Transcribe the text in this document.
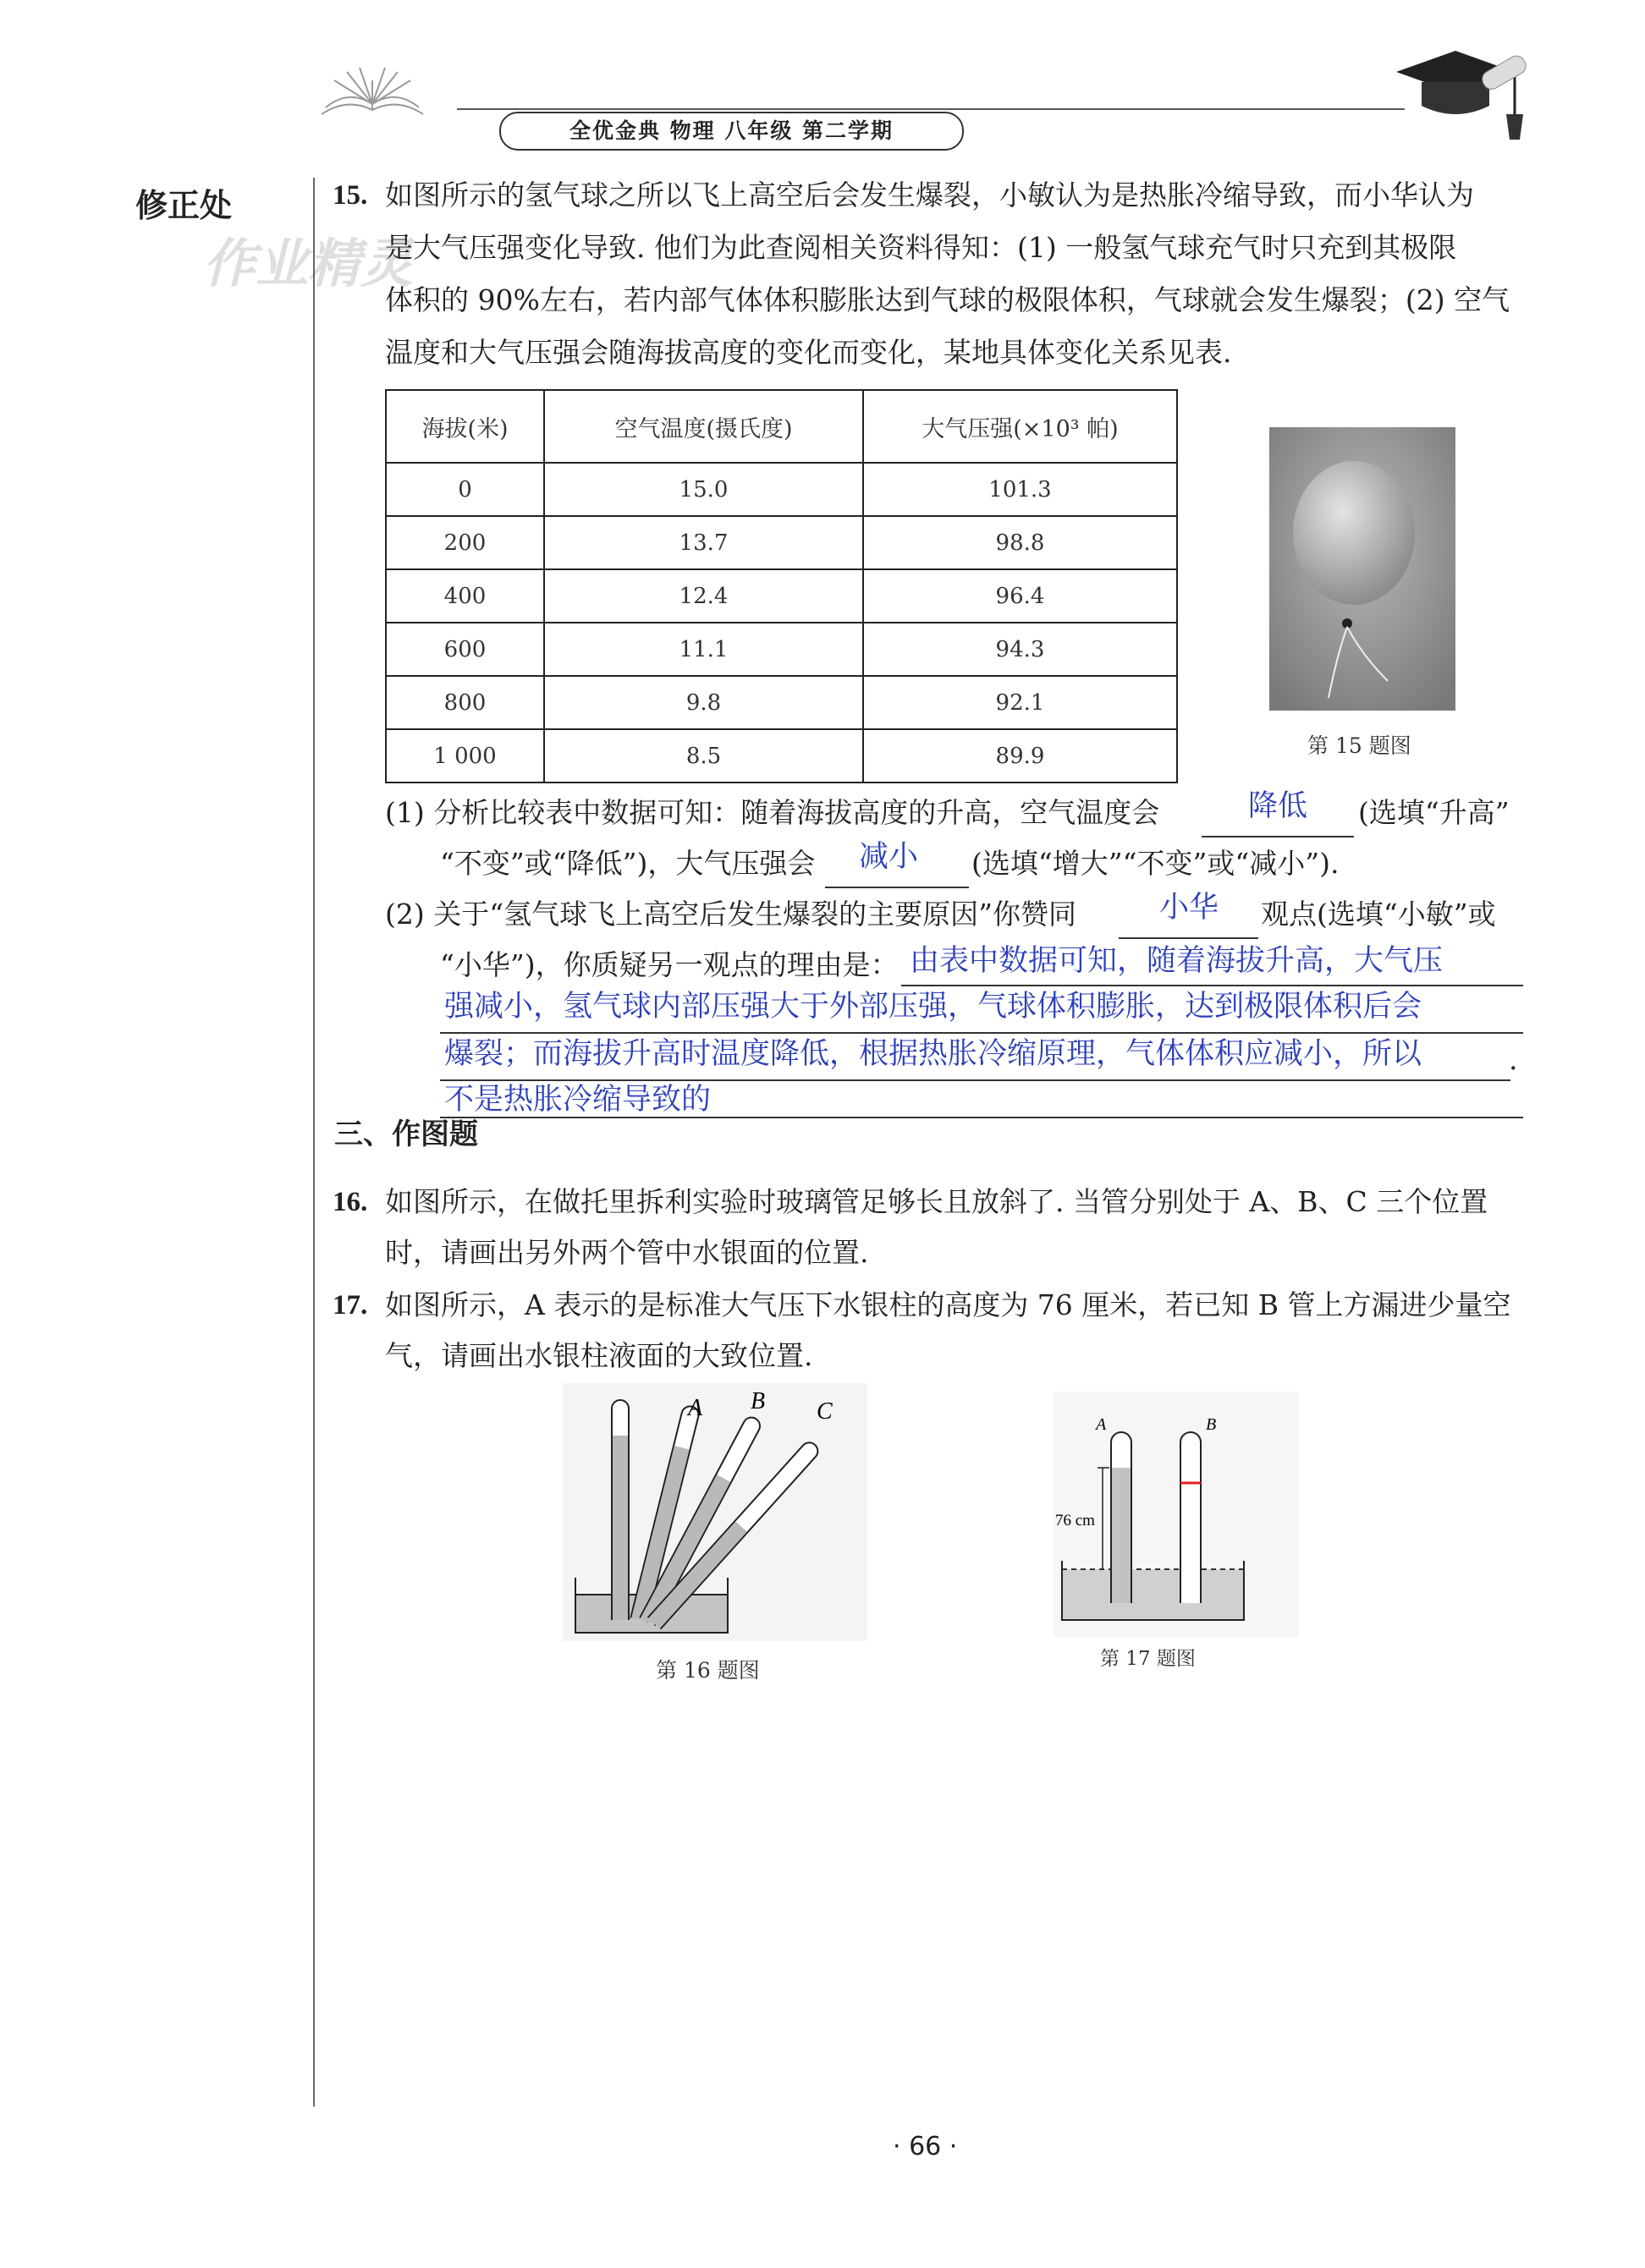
全优金典 物理 八年级 第二学期
修正处
作业精灵
15. 如图所示的氢气球之所以飞上高空后会发生爆裂，小敏认为是热胀冷缩导致，而小华认为
是大气压强变化导致. 他们为此查阅相关资料得知：(1) 一般氢气球充气时只充到其极限
体积的 90%左右，若内部气体体积膨胀达到气球的极限体积，气球就会发生爆裂；(2) 空气
温度和大气压强会随海拔高度的变化而变化，某地具体变化关系见表.
海拔(米)	空气温度(摄氏度)	大气压强(×10³ 帕)
0	15.0	101.3
200	13.7	98.8
400	12.4	96.4
600	11.1	94.3
800	9.8	92.1
1 000	8.5	89.9	第 15 题图
(1) 分析比较表中数据可知：随着海拔高度的升高，空气温度会	降低 (选填“升高”
“不变”或“降低”)，大气压强会 减小 (选填“增大”“不变”或“减小”).
(2) 关于“氢气球飞上高空后发生爆裂的主要原因”你赞同	小华 观点(选填“小敏”或
“小华”)，你质疑另一观点的理由是： 由表中数据可知，随着海拔升高，大气压
强减小，氢气球内部压强大于外部压强，气球体积膨胀，达到极限体积后会
爆裂；而海拔升高时温度降低，根据热胀冷缩原理，气体体积应减小，所以	.
不是热胀冷缩导致的
三、作图题
16. 如图所示，在做托里拆利实验时玻璃管足够长且放斜了. 当管分别处于 A、B、C 三个位置
时，请画出另外两个管中水银面的位置.
17. 如图所示，A 表示的是标准大气压下水银柱的高度为 76 厘米，若已知 B 管上方漏进少量空
气，请画出水银柱液面的大致位置.
A B C
第 16 题图
76 cm
A	B
第 17 题图
· 66 ·
